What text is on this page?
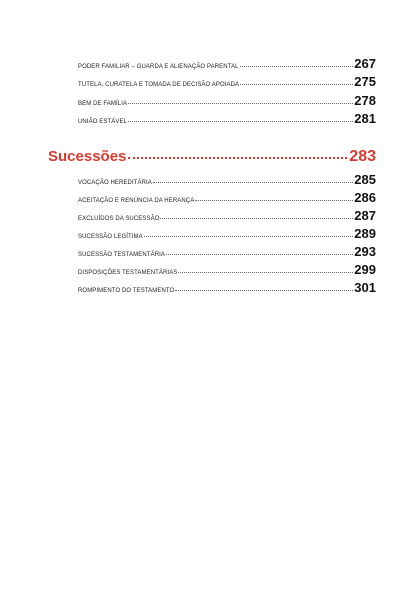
PODER FAMILIAR – GUARDA E ALIENAÇÃO PARENTAL	267
TUTELA, CURATELA E TOMADA DE DECISÃO APOIADA	275
BEM DE FAMÍLIA	278
UNIÃO ESTÁVEL	281
Sucessões	283
VOCAÇÃO HEREDITÁRIA	285
ACEITAÇÃO E RENÚNCIA DA HERANÇA	286
EXCLUÍDOS DA SUCESSÃO	287
SUCESSÃO LEGÍTIMA	289
SUCESSÃO TESTAMENTÁRIA	293
DISPOSIÇÕES TESTAMENTÁRIAS	299
ROMPIMENTO DO TESTAMENTO	301
